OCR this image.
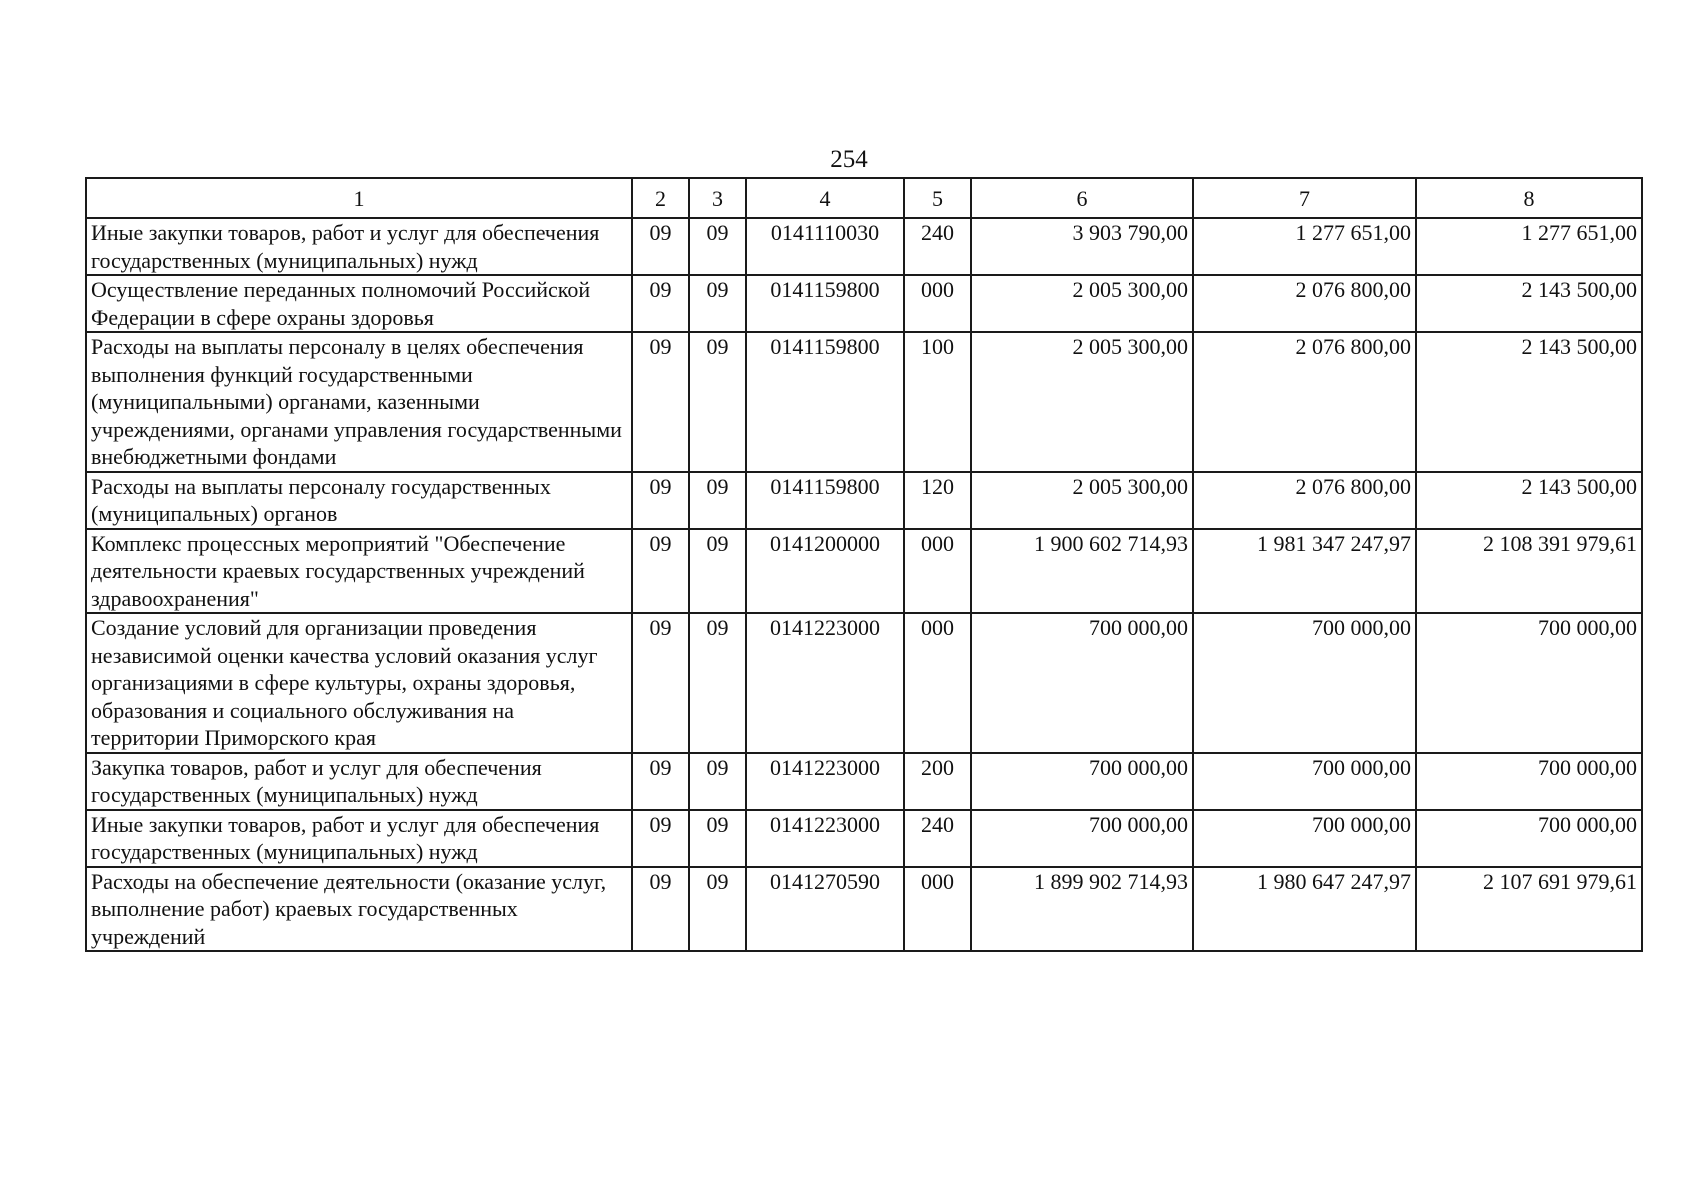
254
1	2	3	4	5	6	7	8
Иные закупки товаров, работ и услуг для обеспечения государственных (муниципальных) нужд	09	09	0141110030	240	3 903 790,00	1 277 651,00	1 277 651,00
Осуществление переданных полномочий Российской Федерации в сфере охраны здоровья	09	09	0141159800	000	2 005 300,00	2 076 800,00	2 143 500,00
Расходы на выплаты персоналу в целях обеспечения выполнения функций государственными (муниципальными) органами, казенными учреждениями, органами управления государственными внебюджетными фондами	09	09	0141159800	100	2 005 300,00	2 076 800,00	2 143 500,00
Расходы на выплаты персоналу государственных (муниципальных) органов	09	09	0141159800	120	2 005 300,00	2 076 800,00	2 143 500,00
Комплекс процессных мероприятий "Обеспечение деятельности краевых государственных учреждений здравоохранения"	09	09	0141200000	000	1 900 602 714,93	1 981 347 247,97	2 108 391 979,61
Создание условий для организации проведения независимой оценки качества условий оказания услуг организациями в сфере культуры, охраны здоровья, образования и социального обслуживания на территории Приморского края	09	09	0141223000	000	700 000,00	700 000,00	700 000,00
Закупка товаров, работ и услуг для обеспечения государственных (муниципальных) нужд	09	09	0141223000	200	700 000,00	700 000,00	700 000,00
Иные закупки товаров, работ и услуг для обеспечения государственных (муниципальных) нужд	09	09	0141223000	240	700 000,00	700 000,00	700 000,00
Расходы на обеспечение деятельности (оказание услуг, выполнение работ) краевых государственных учреждений	09	09	0141270590	000	1 899 902 714,93	1 980 647 247,97	2 107 691 979,61
